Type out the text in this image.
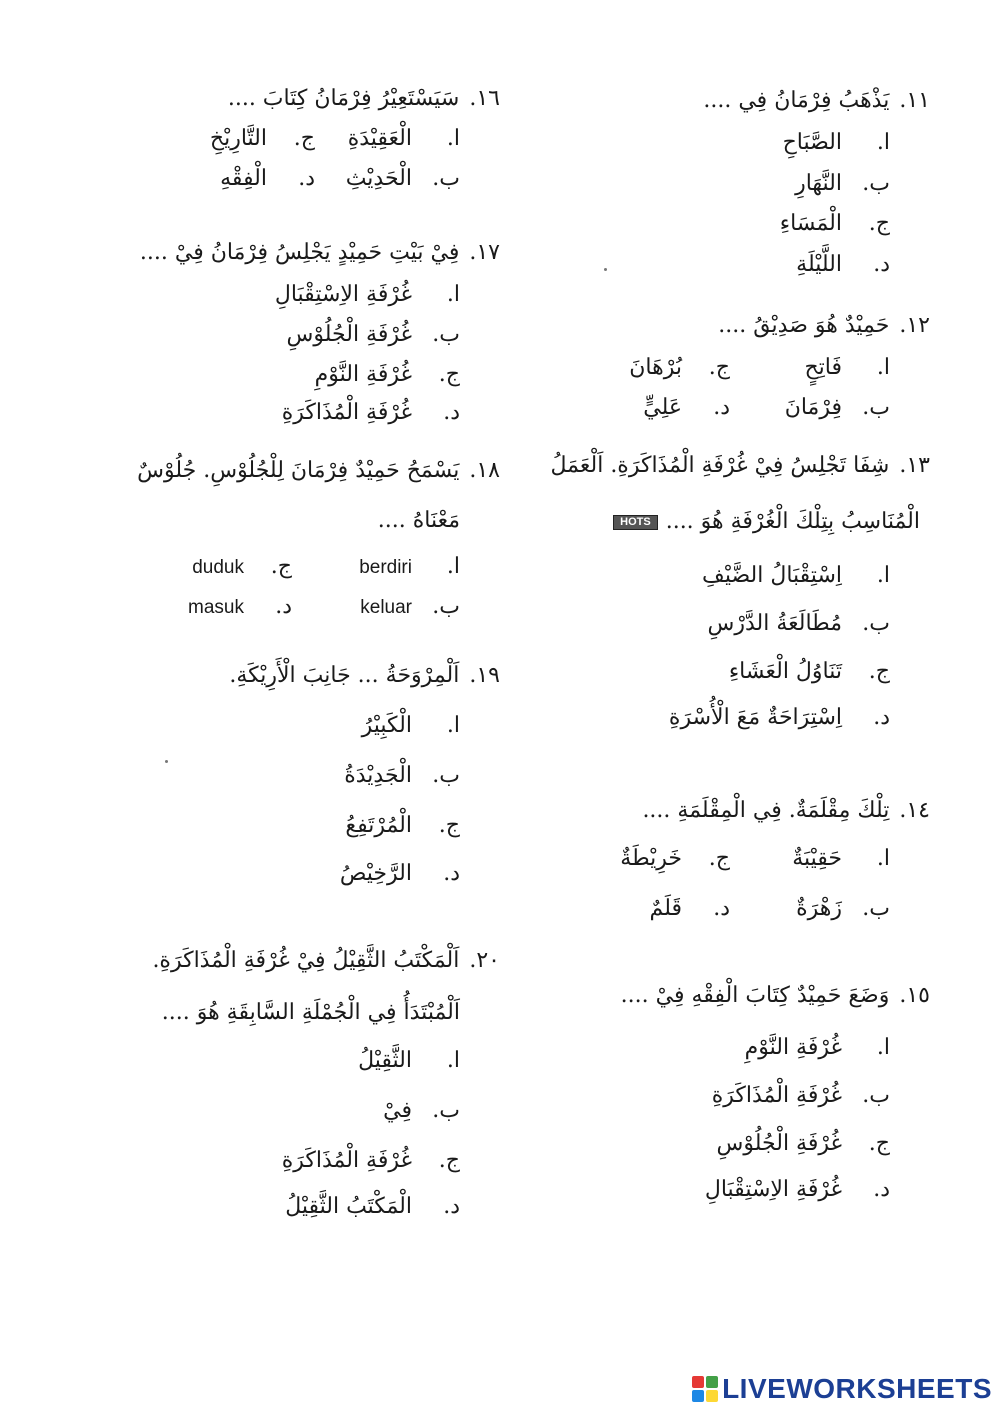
١١.يَذْهَبُ فِرْمَانُ فِي ....
ا.
الصَّبَاحِ
ب.
النَّهَارِ
ج.
الْمَسَاءِ
د.
اللَّيْلَةِ
١٢.حَمِيْدٌ هُوَ صَدِيْقُ ....
ا.
فَاتِحٍ
ج.
بُرْهَانَ
ب.
فِرْمَانَ
د.
عَلِيٍّ
١٣.شِفَا تَجْلِسُ فِيْ غُرْفَةِ الْمُذَاكَرَةِ. اَلْعَمَلُ
الْمُنَاسِبُ بِتِلْكَ الْغُرْفَةِ هُوَ ....HOTS
ا.
اِسْتِقْبَالُ الضَّيْفِ
ب.
مُطَالَعَةُ الدَّرْسِ
ج.
تَنَاوُلُ الْعَشَاءِ
د.
اِسْتِرَاحَةٌ مَعَ الْأُسْرَةِ
١٤.تِلْكَ مِقْلَمَةٌ. فِي الْمِقْلَمَةِ ....
ا.
حَقِيْبَةٌ
ج.
خَرِيْطَةٌ
ب.
زَهْرَةٌ
د.
قَلَمٌ
١٥.وَضَعَ حَمِيْدٌ كِتَابَ الْفِقْهِ فِيْ ....
ا.
غُرْفَةِ النَّوْمِ
ب.
غُرْفَةِ الْمُذَاكَرَةِ
ج.
غُرْفَةِ الْجُلُوْسِ
د.
غُرْفَةِ الاِسْتِقْبَالِ
١٦.سَيَسْتَعِيْرُ فِرْمَانُ كِتَابَ ....
ا.
الْعَقِيْدَةِ
ج.
التَّارِيْخِ
ب.
الْحَدِيْثِ
د.
الْفِقْهِ
١٧.فِيْ بَيْتِ حَمِيْدٍ يَجْلِسُ فِرْمَانُ فِيْ ....
ا.
غُرْفَةِ الاِسْتِقْبَالِ
ب.
غُرْفَةِ الْجُلُوْسِ
ج.
غُرْفَةِ النَّوْمِ
د.
غُرْفَةِ الْمُذَاكَرَةِ
١٨.يَسْمَحُ حَمِيْدٌ فِرْمَانَ لِلْجُلُوْسِ. جُلُوْسٌ
مَعْنَاهُ ....
ا.
berdiri
ج.
duduk
ب.
keluar
د.
masuk
١٩.اَلْمِرْوَحَةُ ... جَانِبَ الْأَرِيْكَةِ.
ا.
الْكَبِيْرُ
ب.
الْجَدِيْدَةُ
ج.
الْمُرْتَفِعُ
د.
الرَّخِيْصُ
٢٠.اَلْمَكْتَبُ الثَّقِيْلُ فِيْ غُرْفَةِ الْمُذَاكَرَةِ.
اَلْمُبْتَدَأُ فِي الْجُمْلَةِ السَّابِقَةِ هُوَ ....
ا.
الثَّقِيْلُ
ب.
فِيْ
ج.
غُرْفَةِ الْمُذَاكَرَةِ
د.
الْمَكْتَبُ الثَّقِيْلُ
LIVEWORKSHEETS
